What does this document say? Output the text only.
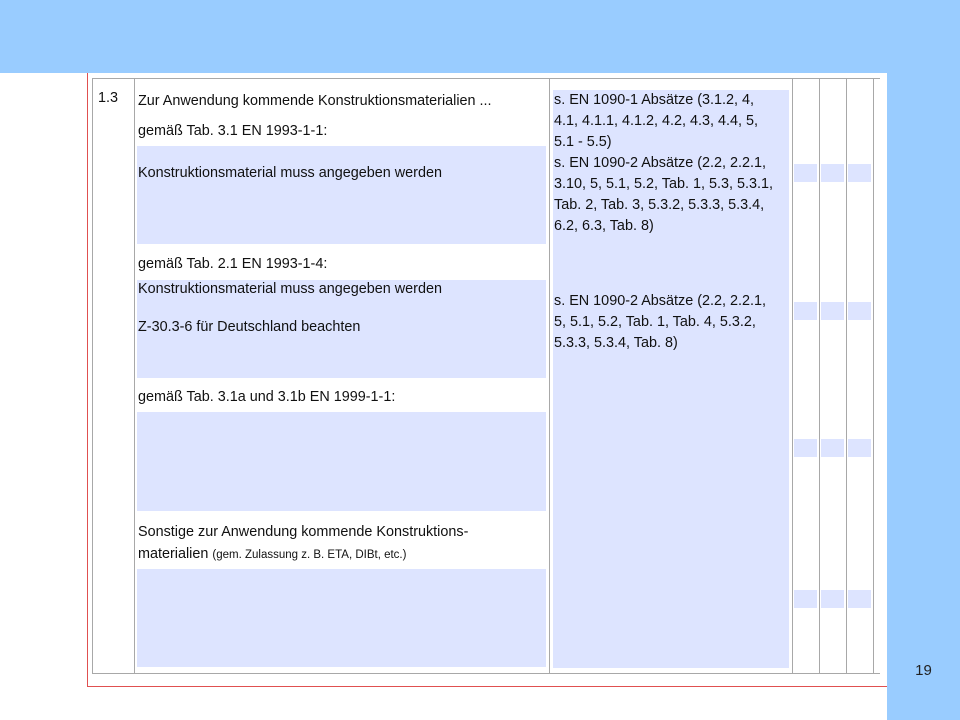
19
1.3 Zur Anwendung kommende Konstruktionsmaterialien ...
gemäß Tab. 3.1 EN 1993-1-1:
Konstruktionsmaterial muss angegeben werden
gemäß Tab. 2.1 EN 1993-1-4:
Konstruktionsmaterial muss angegeben werden
Z-30.3-6 für Deutschland beachten
gemäß Tab. 3.1a und 3.1b EN 1999-1-1:
Sonstige zur Anwendung kommende Konstruktions-
materialien (gem. Zulassung z. B. ETA, DIBt, etc.)
s. EN 1090-1 Absätze (3.1.2, 4,
4.1, 4.1.1, 4.1.2, 4.2, 4.3, 4.4, 5,
5.1 - 5.5)
s. EN 1090-2 Absätze (2.2, 2.2.1,
3.10, 5, 5.1, 5.2, Tab. 1, 5.3, 5.3.1,
Tab. 2, Tab. 3, 5.3.2, 5.3.3, 5.3.4,
6.2, 6.3, Tab. 8)
s. EN 1090-2 Absätze (2.2, 2.2.1,
5, 5.1, 5.2, Tab. 1, Tab. 4, 5.3.2,
5.3.3, 5.3.4, Tab. 8)
